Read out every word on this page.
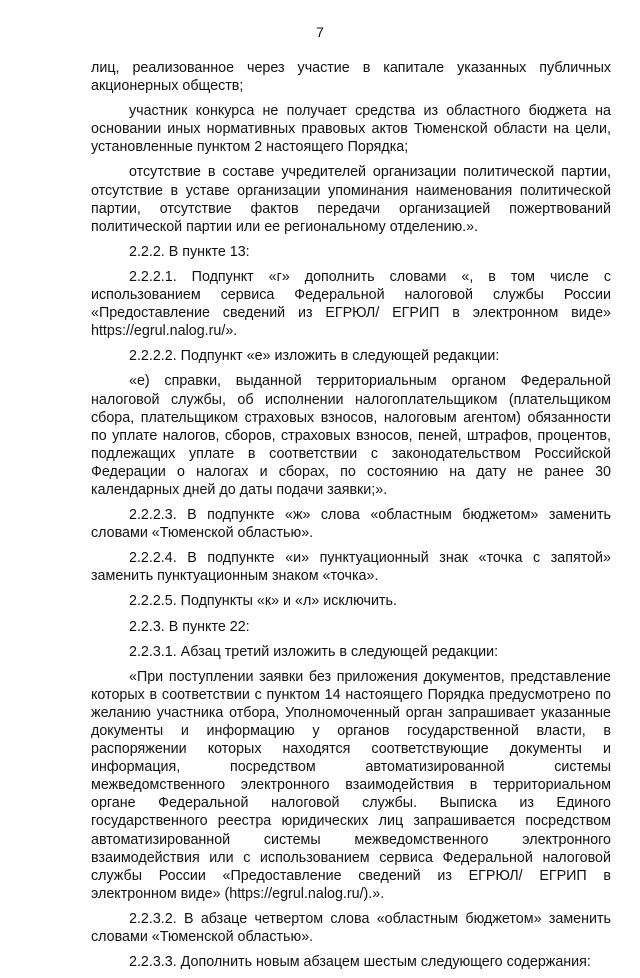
7

лиц, реализованное через участие в капитале указанных публичных акционерных обществ;

участник конкурса не получает средства из областного бюджета на основании иных нормативных правовых актов Тюменской области на цели, установленные пунктом 2 настоящего Порядка;

отсутствие в составе учредителей организации политической партии, отсутствие в уставе организации упоминания наименования политической партии, отсутствие фактов передачи организацией пожертвований политической партии или ее региональному отделению.».

2.2.2. В пункте 13:

2.2.2.1. Подпункт «г» дополнить словами «, в том числе с использованием сервиса Федеральной налоговой службы России «Предоставление сведений из ЕГРЮЛ/ ЕГРИП в электронном виде» https://egrul.nalog.ru/».

2.2.2.2. Подпункт «е» изложить в следующей редакции:

«е) справки, выданной территориальным органом Федеральной налоговой службы, об исполнении налогоплательщиком (плательщиком сбора, плательщиком страховых взносов, налоговым агентом) обязанности по уплате налогов, сборов, страховых взносов, пеней, штрафов, процентов, подлежащих уплате в соответствии с законодательством Российской Федерации о налогах и сборах, по состоянию на дату не ранее 30 календарных дней до даты подачи заявки;».

2.2.2.3. В подпункте «ж» слова «областным бюджетом» заменить словами «Тюменской областью».

2.2.2.4. В подпункте «и» пунктуационный знак «точка с запятой» заменить пунктуационным знаком «точка».

2.2.2.5. Подпункты «к» и «л» исключить.

2.2.3. В пункте 22:

2.2.3.1. Абзац третий изложить в следующей редакции:

«При поступлении заявки без приложения документов, представление которых в соответствии с пунктом 14 настоящего Порядка предусмотрено по желанию участника отбора, Уполномоченный орган запрашивает указанные документы и информацию у органов государственной власти, в распоряжении которых находятся соответствующие документы и информация, посредством автоматизированной системы межведомственного электронного взаимодействия в территориальном органе Федеральной налоговой службы. Выписка из Единого государственного реестра юридических лиц запрашивается посредством автоматизированной системы межведомственного электронного взаимодействия или с использованием сервиса Федеральной налоговой службы России «Предоставление сведений из ЕГРЮЛ/ ЕГРИП в электронном виде» (https://egrul.nalog.ru/).».

2.2.3.2. В абзаце четвертом слова «областным бюджетом» заменить словами «Тюменской областью».

2.2.3.3. Дополнить новым абзацем шестым следующего содержания:
